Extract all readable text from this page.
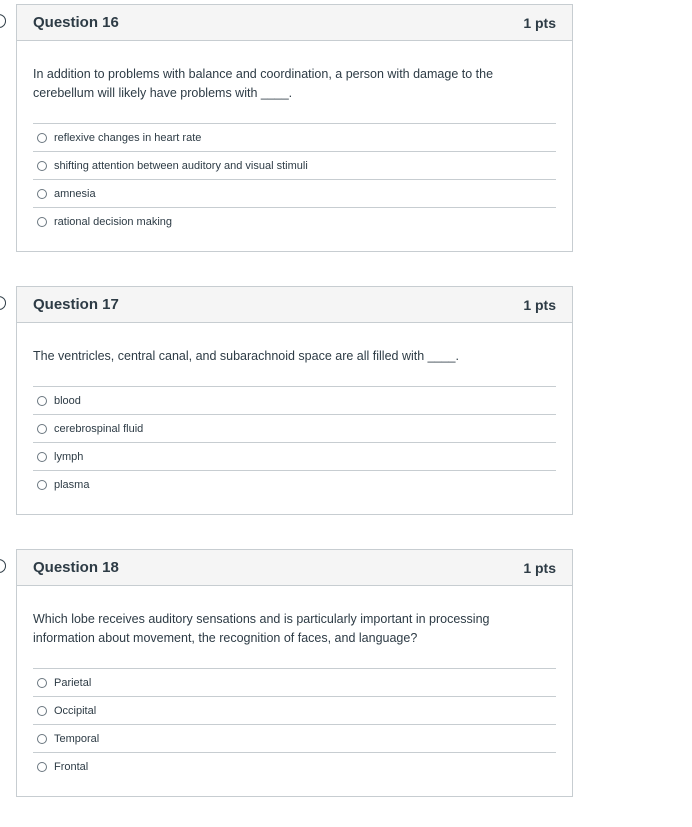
Question 16	1 pts

In addition to problems with balance and coordination, a person with damage to the cerebellum will likely have problems with ____.

reflexive changes in heart rate
shifting attention between auditory and visual stimuli
amnesia
rational decision making
Question 17	1 pts

The ventricles, central canal, and subarachnoid space are all filled with ____.

blood
cerebrospinal fluid
lymph
plasma
Question 18	1 pts

Which lobe receives auditory sensations and is particularly important in processing information about movement, the recognition of faces, and language?

Parietal
Occipital
Temporal
Frontal
